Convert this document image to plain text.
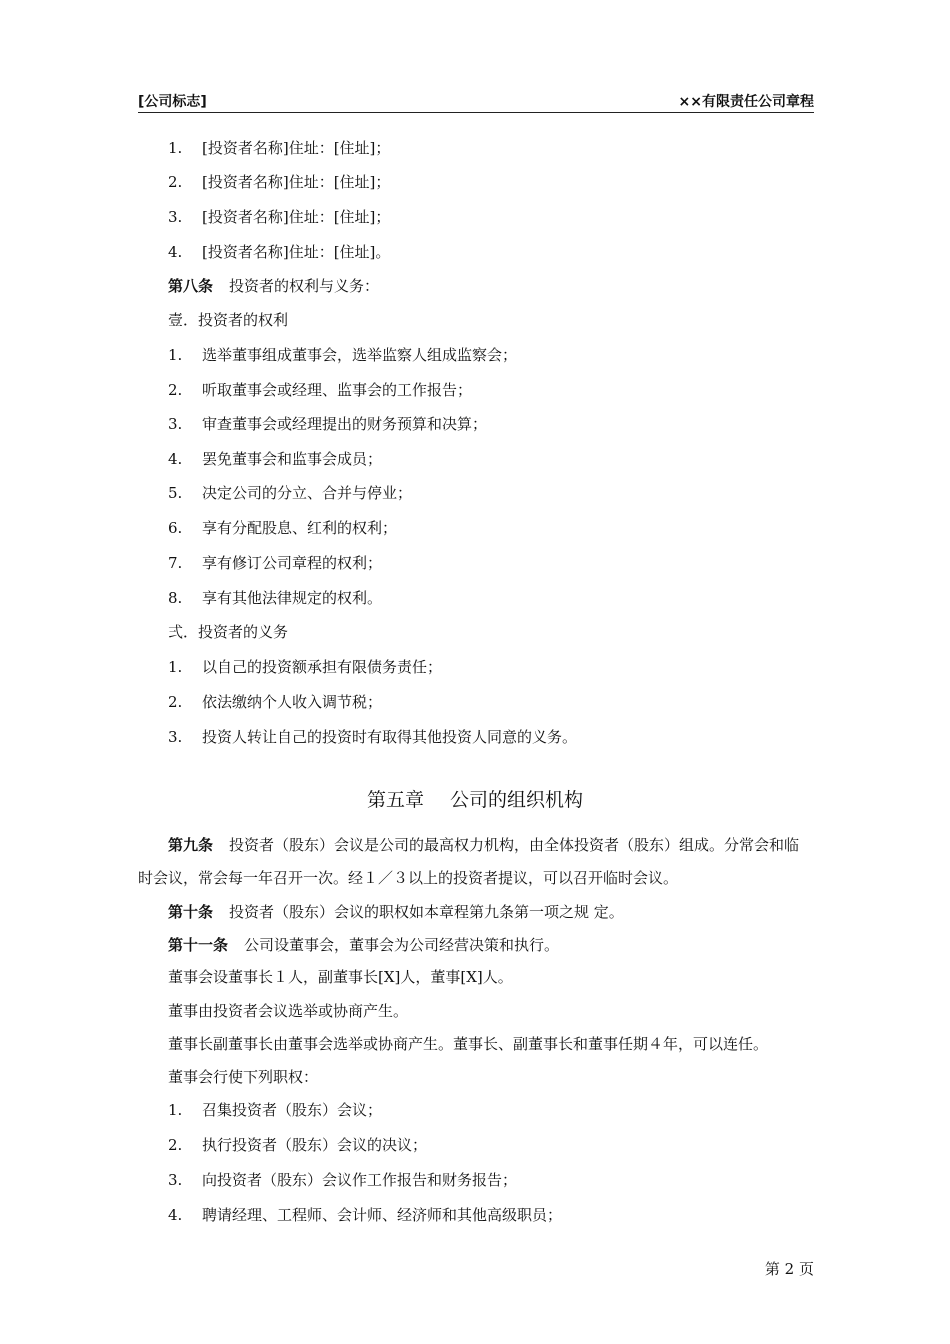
[公司标志]	××有限责任公司章程
1. [投资者名称]住址：[住址]；
2. [投资者名称]住址：[住址]；
3. [投资者名称]住址：[住址]；
4. [投资者名称]住址：[住址]。
第八条 投资者的权利与义务：
壹．投资者的权利
1. 选举董事组成董事会，选举监察人组成监察会；
2. 听取董事会或经理、监事会的工作报告；
3. 审查董事会或经理提出的财务预算和决算；
4. 罢免董事会和监事会成员；
5. 决定公司的分立、合并与停业；
6. 享有分配股息、红利的权利；
7. 享有修订公司章程的权利；
8. 享有其他法律规定的权利。
弍．投资者的义务
1. 以自己的投资额承担有限债务责任；
2. 依法缴纳个人收入调节税；
3. 投资人转让自己的投资时有取得其他投资人同意的义务。
第五章 公司的组织机构
第九条 投资者（股东）会议是公司的最高权力机构，由全体投资者（股东）组成。分常会和临时会议，常会每一年召开一次。经１／３以上的投资者提议，可以召开临时会议。
第十条 投资者（股东）会议的职权如本章程第九条第一项之规 定。
第十一条 公司设董事会，董事会为公司经营决策和执行。
董事会设董事长１人，副董事长[X]人，董事[X]人。
董事由投资者会议选举或协商产生。
董事长副董事长由董事会选举或协商产生。董事长、副董事长和董事任期４年，可以连任。
董事会行使下列职权：
1. 召集投资者（股东）会议；
2. 执行投资者（股东）会议的决议；
3. 向投资者（股东）会议作工作报告和财务报告；
4. 聘请经理、工程师、会计师、经济师和其他高级职员；
第 2 页
